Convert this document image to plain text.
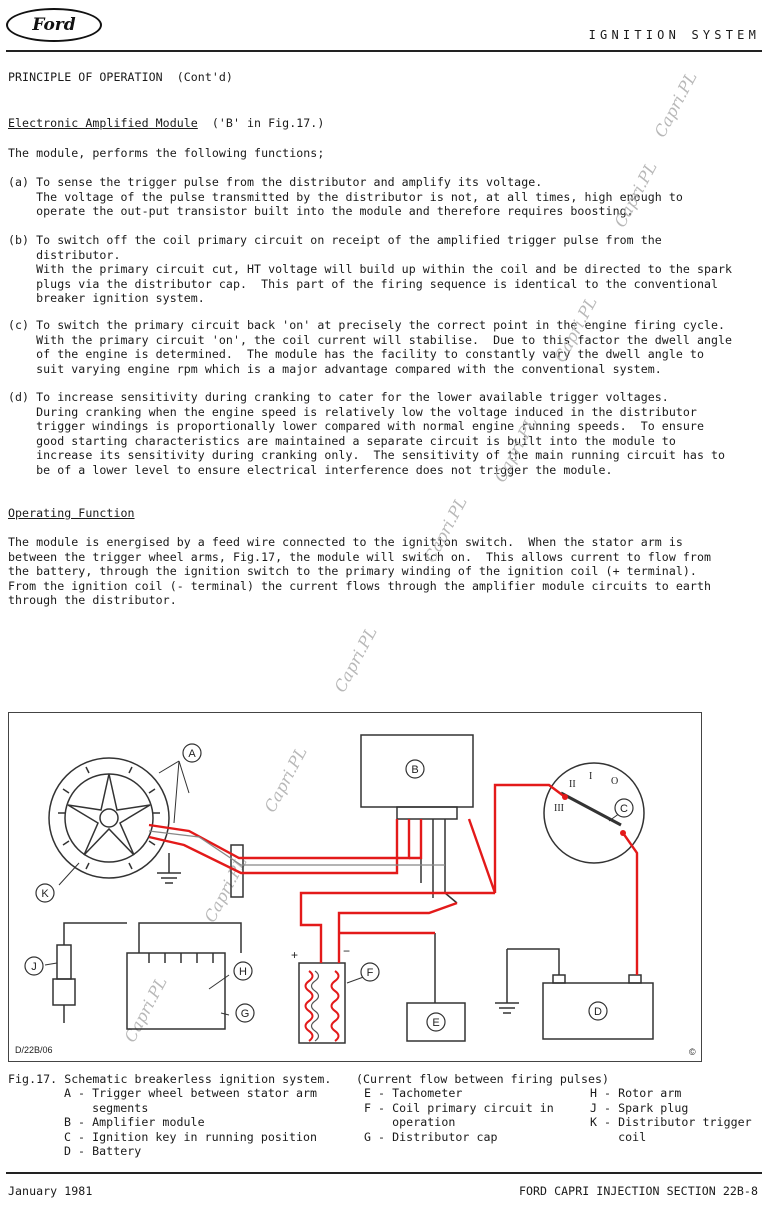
Ford	IGNITION SYSTEM
PRINCIPLE OF OPERATION  (Cont'd)
Electronic Amplified Module  ('B' in Fig.17.)
The module, performs the following functions;
(a) To sense the trigger pulse from the distributor and amplify its voltage.
The voltage of the pulse transmitted by the distributor is not, at all times, high enough to
operate the out-put transistor built into the module and therefore requires boosting.
(b) To switch off the coil primary circuit on receipt of the amplified trigger pulse from the
distributor.
With the primary circuit cut, HT voltage will build up within the coil and be directed to the spark
plugs via the distributor cap.  This part of the firing sequence is identical to the conventional
breaker ignition system.
(c) To switch the primary circuit back 'on' at precisely the correct point in the engine firing cycle.
With the primary circuit 'on', the coil current will stabilise.  Due to this factor the dwell angle
of the engine is determined.  The module has the facility to constantly vary the dwell angle to
suit varying engine rpm which is a major advantage compared with the conventional system.
(d) To increase sensitivity during cranking to cater for the lower available trigger voltages.
During cranking when the engine speed is relatively low the voltage induced in the distributor
trigger windings is proportionally lower compared with normal engine running speeds.  To ensure
good starting characteristics are maintained a separate circuit is built into the module to
increase its sensitivity during cranking only.  The sensitivity of the main running circuit has to
be of a lower level to ensure electrical interference does not trigger the module.
Operating Function
The module is energised by a feed wire connected to the ignition switch.  When the stator arm is
between the trigger wheel arms, Fig.17, the module will switch on.  This allows current to flow from
the battery, through the ignition switch to the primary winding of the ignition coil (+ terminal).
From the ignition coil (- terminal) the current flows through the amplifier module circuits to earth
through the distributor.
Capri.PL
Capri.PL
Capri.PL
Capri.PL
Capri.PL
Capri.PL
Capri.PL
Capri.PL
Capri.PL
A
B
C
D
E
F
G
H
J
K
II
I O
III
+	−
D/22B/06	©
Fig.17. Schematic breakerless ignition system. (Current flow between firing pulses)
A - Trigger wheel between stator arm
segments
B - Amplifier module
C - Ignition key in running position
D - Battery
E - Tachometer
F - Coil primary circuit in
operation
G - Distributor cap
H - Rotor arm
J - Spark plug
K - Distributor trigger
coil
January 1981	FORD CAPRI INJECTION SECTION 22B-8
